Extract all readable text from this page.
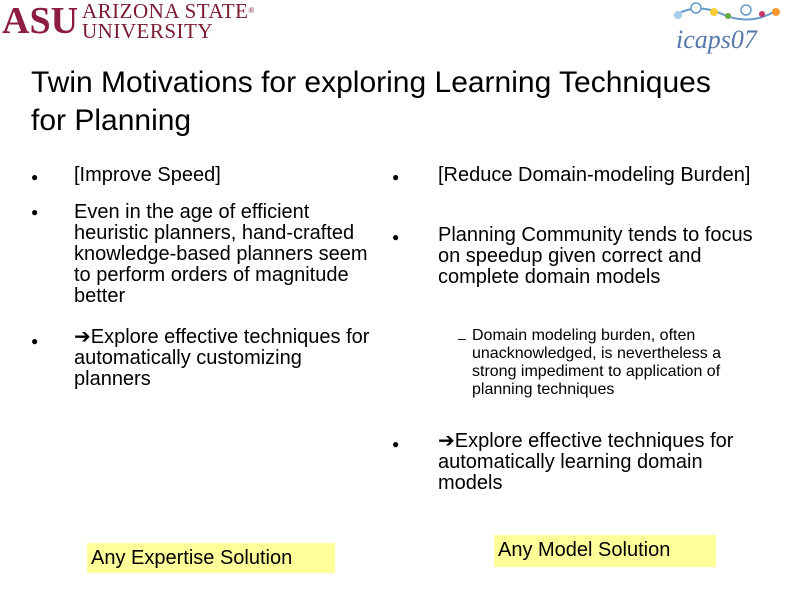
ASU ARIZONA STATE®
UNIVERSITY	icaps07
Twin Motivations for exploring Learning Techniques for Planning
● [Improve Speed]
● Even in the age of efficient heuristic planners, hand-crafted knowledge-based planners seem to perform orders of magnitude better
● ➔Explore effective techniques for automatically customizing planners
Any Expertise Solution
● [Reduce Domain-modeling Burden]
● Planning Community tends to focus on speedup given correct and complete domain models
– Domain modeling burden, often unacknowledged, is nevertheless a strong impediment to application of planning techniques
● ➔Explore effective techniques for automatically learning domain models
Any Model Solution
